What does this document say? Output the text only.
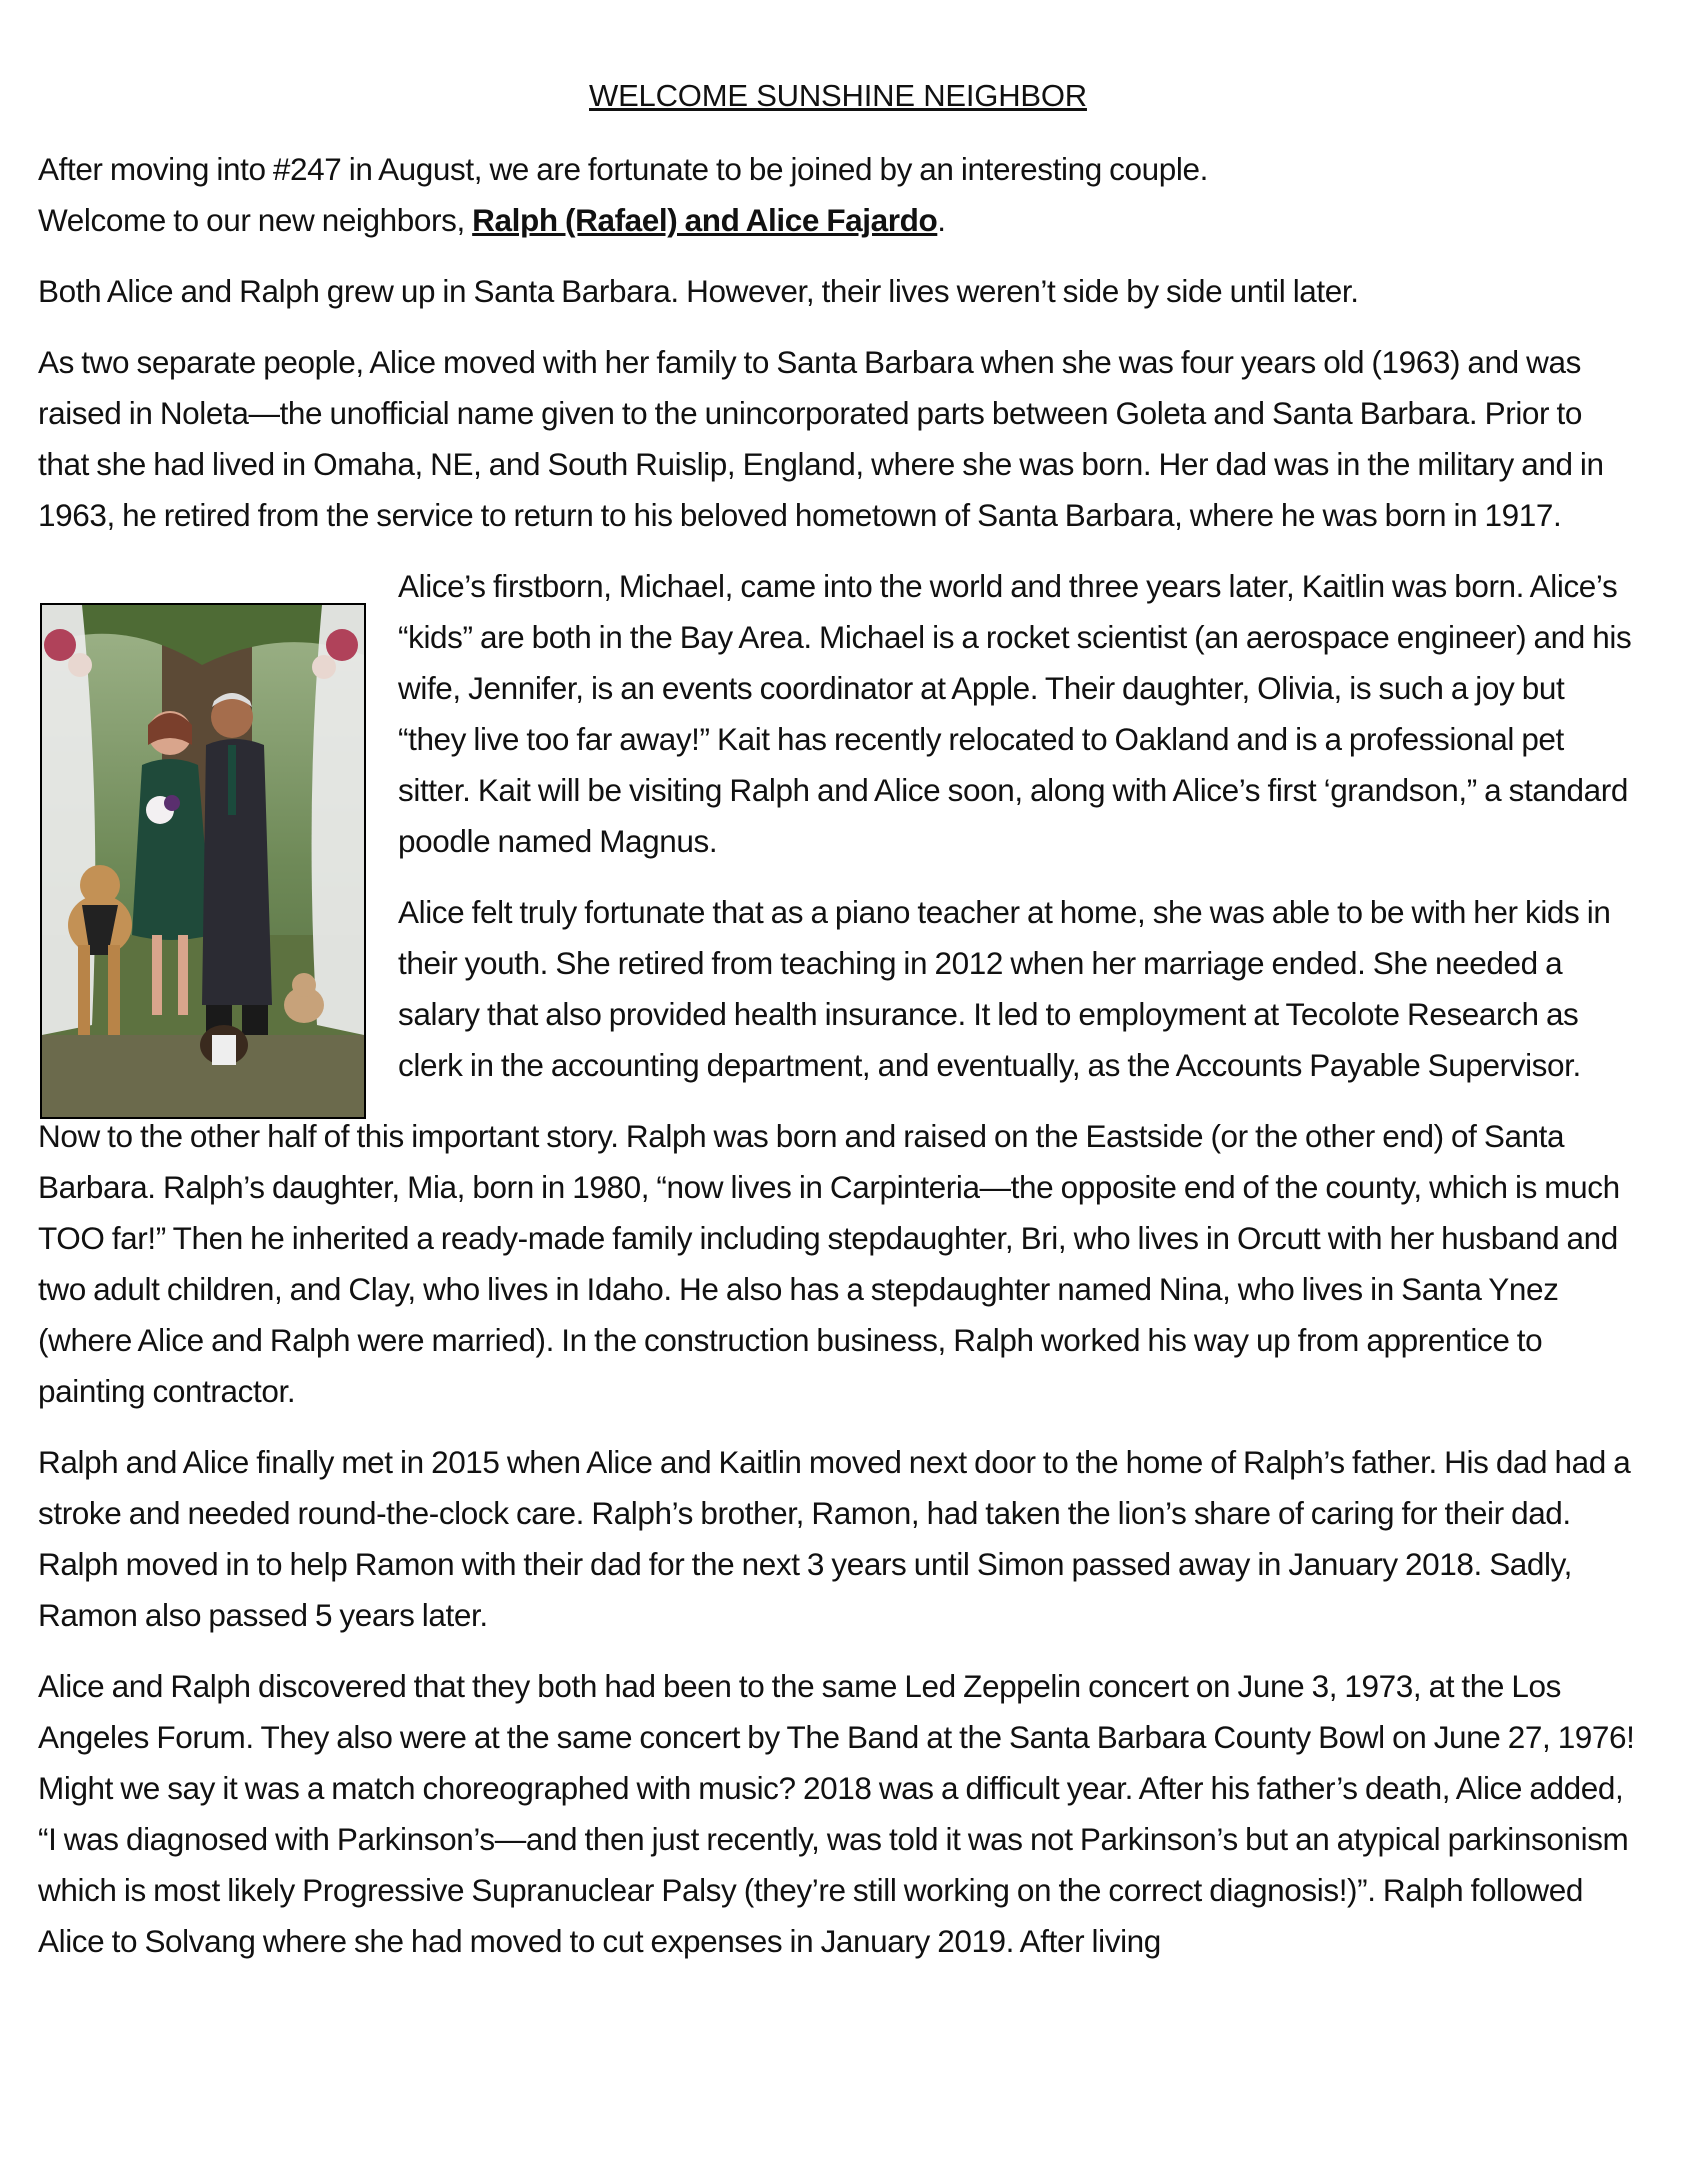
WELCOME SUNSHINE NEIGHBOR

After moving into #247 in August, we are fortunate to be joined by an interesting couple.
Welcome to our new neighbors, Ralph (Rafael) and Alice Fajardo.

Both Alice and Ralph grew up in Santa Barbara. However, their lives weren’t side by side until later.

As two separate people, Alice moved with her family to Santa Barbara when she was four years old (1963) and was raised in Noleta—the unofficial name given to the unincorporated parts between Goleta and Santa Barbara. Prior to that she had lived in Omaha, NE, and South Ruislip, England, where she was born. Her dad was in the military and in 1963, he retired from the service to return to his beloved hometown of Santa Barbara, where he was born in 1917.

Alice’s firstborn, Michael, came into the world and three years later, Kaitlin was born. Alice’s “kids” are both in the Bay Area. Michael is a rocket scientist (an aerospace engineer) and his wife, Jennifer, is an events coordinator at Apple. Their daughter, Olivia, is such a joy but “they live too far away!” Kait has recently relocated to Oakland and is a professional pet sitter. Kait will be visiting Ralph and Alice soon, along with Alice’s first ‘grandson,” a standard poodle named Magnus.

Alice felt truly fortunate that as a piano teacher at home, she was able to be with her kids in their youth. She retired from teaching in 2012 when her marriage ended. She needed a salary that also provided health insurance. It led to employment at Tecolote Research as clerk in the accounting department, and eventually, as the Accounts Payable Supervisor.

Now to the other half of this important story. Ralph was born and raised on the Eastside (or the other end) of Santa Barbara. Ralph’s daughter, Mia, born in 1980, “now lives in Carpinteria—the opposite end of the county, which is much TOO far!” Then he inherited a ready-made family including stepdaughter, Bri, who lives in Orcutt with her husband and two adult children, and Clay, who lives in Idaho. He also has a stepdaughter named Nina, who lives in Santa Ynez (where Alice and Ralph were married). In the construction business, Ralph worked his way up from apprentice to painting contractor.

Ralph and Alice finally met in 2015 when Alice and Kaitlin moved next door to the home of Ralph’s father. His dad had a stroke and needed round-the-clock care. Ralph’s brother, Ramon, had taken the lion’s share of caring for their dad. Ralph moved in to help Ramon with their dad for the next 3 years until Simon passed away in January 2018. Sadly, Ramon also passed 5 years later.

Alice and Ralph discovered that they both had been to the same Led Zeppelin concert on June 3, 1973, at the Los Angeles Forum. They also were at the same concert by The Band at the Santa Barbara County Bowl on June 27, 1976! Might we say it was a match choreographed with music? 2018 was a difficult year. After his father’s death, Alice added, “I was diagnosed with Parkinson’s—and then just recently, was told it was not Parkinson’s but an atypical parkinsonism which is most likely Progressive Supranuclear Palsy (they’re still working on the correct diagnosis!)”. Ralph followed Alice to Solvang where she had moved to cut expenses in January 2019. After living
